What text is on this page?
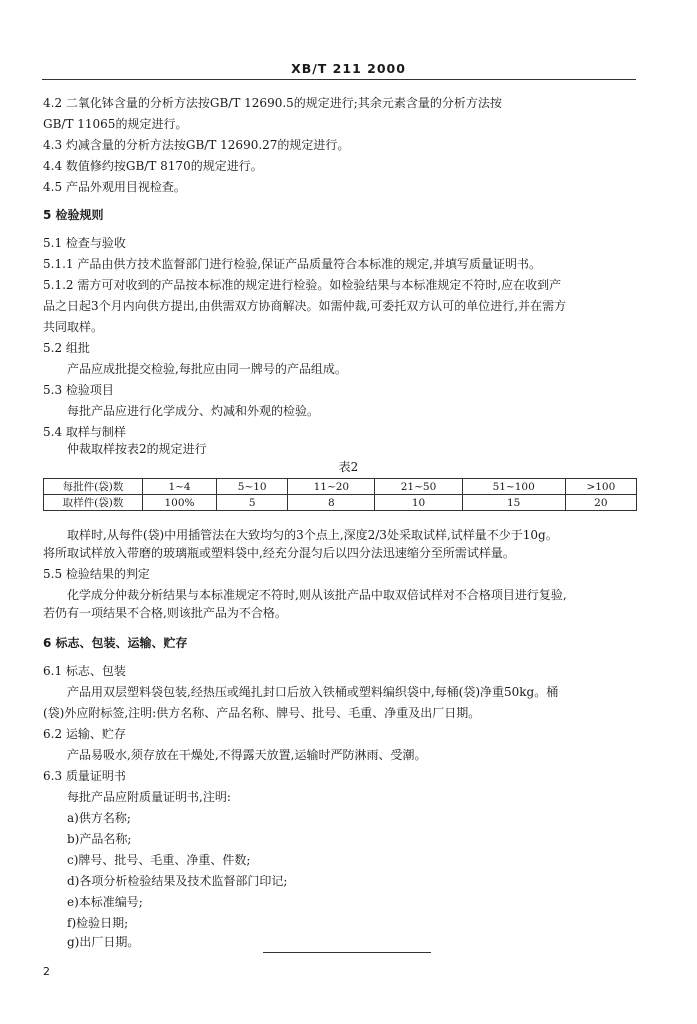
XB/T 211 2000
4.2 二氧化钵含量的分析方法按GB/T 12690.5的规定进行;其余元素含量的分析方法按
GB/T 11065的规定进行。
4.3 灼减含量的分析方法按GB/T 12690.27的规定进行。
4.4 数值修约按GB/T 8170的规定进行。
4.5 产品外观用目视检查。
5 检验规则
5.1 检查与验收
5.1.1 产品由供方技术监督部门进行检验,保证产品质量符合本标准的规定,并填写质量证明书。
5.1.2 需方可对收到的产品按本标准的规定进行检验。如检验结果与本标准规定不符时,应在收到产
品之日起3个月内向供方提出,由供需双方协商解决。如需仲裁,可委托双方认可的单位进行,并在需方
共同取样。
5.2 组批
产品应成批提交检验,每批应由同一牌号的产品组成。
5.3 检验项目
每批产品应进行化学成分、灼减和外观的检验。
5.4 取样与制样
仲裁取样按表2的规定进行
表2
每批件(袋)数	1~4	5~10	11~20	21~50	51~100	>100
取样件(袋)数	100%	5	8	10	15	20
取样时,从每件(袋)中用插管法在大致均匀的3个点上,深度2/3处采取试样,试样量不少于10g。
将所取试样放入带磨的玻璃瓶或塑料袋中,经充分混匀后以四分法迅速缩分至所需试样量。
5.5 检验结果的判定
化学成分仲裁分析结果与本标准规定不符时,则从该批产品中取双倍试样对不合格项目进行复验,
若仍有一项结果不合格,则该批产品为不合格。
6 标志、包装、运输、贮存
6.1 标志、包装
产品用双层塑料袋包装,经热压或绳扎封口后放入铁桶或塑料编织袋中,每桶(袋)净重50kg。桶
(袋)外应附标签,注明:供方名称、产品名称、牌号、批号、毛重、净重及出厂日期。
6.2 运输、贮存
产品易吸水,须存放在干燥处,不得露天放置,运输时严防淋雨、受潮。
6.3 质量证明书
每批产品应附质量证明书,注明:
a)供方名称;
b)产品名称;
c)牌号、批号、毛重、净重、件数;
d)各项分析检验结果及技术监督部门印记;
e)本标准编号;
f)检验日期;
g)出厂日期。
2
